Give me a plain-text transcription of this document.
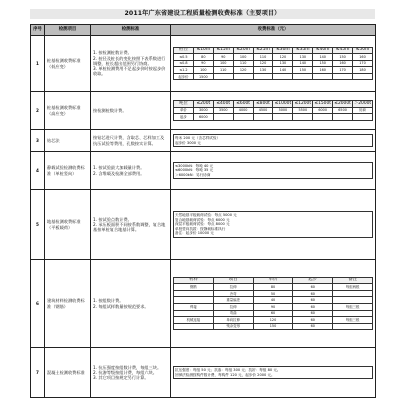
2011年广东省建设工程质量检测收费标准（主要项目）
序号	检测项目	检测标准	收费标准（元）
1	桩基检测收费标准（低应变）	1. 按检测桩数计费。
2. 桩径及桩长的变化按照下表系数进行调整，桩长超出范围另行协商。
3. 单桩检测费用不足起步价时按起步价收取。	
桩径	≤10m	≤15m	≤20m	≤25m	≤30m	≤35m	≤40m	≤45m	≤50m
≤0.5	80	90	100	110	120	130	140	150	160
≤0.8	90	100	110	120	130	140	150	160	170
≤1.2	100	110	120	130	140	150	160	170	180
起步价	1500								

2	桩基检测收费标准（高应变）	按检测桩数计费。	
吨位	≤200t	≤400t	≤600t	≤800t	≤1000t	≤1200t	≤1500t	≤2000t	＞2000t
单价	3000	3500	4000	4500	5000	5500	6000	6500	协商
起步	6000								

3	钻芯法	按钻芯进尺计费，含取芯、芯样加工及抗压试验等费用，孔数按实计算。	
每米 200 元（含芯样试验）
起步价 3000 元

4	静载试验检测收费标准（单桩竖向）	1. 按试验最大加载量计费。
2. 含堆载及检测全部费用。	
≤3000kN：每吨 40 元
≤6000kN：每吨 35 元
＞6000kN：另行协商

5	地基检测收费标准（平板载荷）	1. 按试验点数计费。
2. 承压板面积不同按系数调整，复合地基按单桩复合地基计算。	
天然地基平板载荷试验：每点 5000 元
复合地基载荷试验：每点 6000 元
深层平板载荷试验：每点 8000 元
单桩竖向抗拔：按静载标准执行
备注：起步价 10000 元

6	建筑材料检测收费标准（钢筋）	1. 按组数计费。
2. 每组试样数量按规范要求。	
材料	项目	单价	起步	备注
钢筋	拉伸	80	60	每组两根
	冷弯	50	60	
	重量偏差	40	60	
焊接	拉伸	90	60	每组三根
	弯曲	60	60	
机械连接	单向拉伸	120	60	每组三根
	残余变形	150	60	

7	混凝土检测收费标准	1. 抗压强度按组数计费，每组三块。
2. 抗渗等级按组计费，每组六块。
3. 其它项目按规定另行计算。	
抗压强度：每组 50 元；抗渗：每组 300 元；抗折：每组 80 元。
回弹法检测按构件数计费，每构件 120 元，起步价 2000 元。
